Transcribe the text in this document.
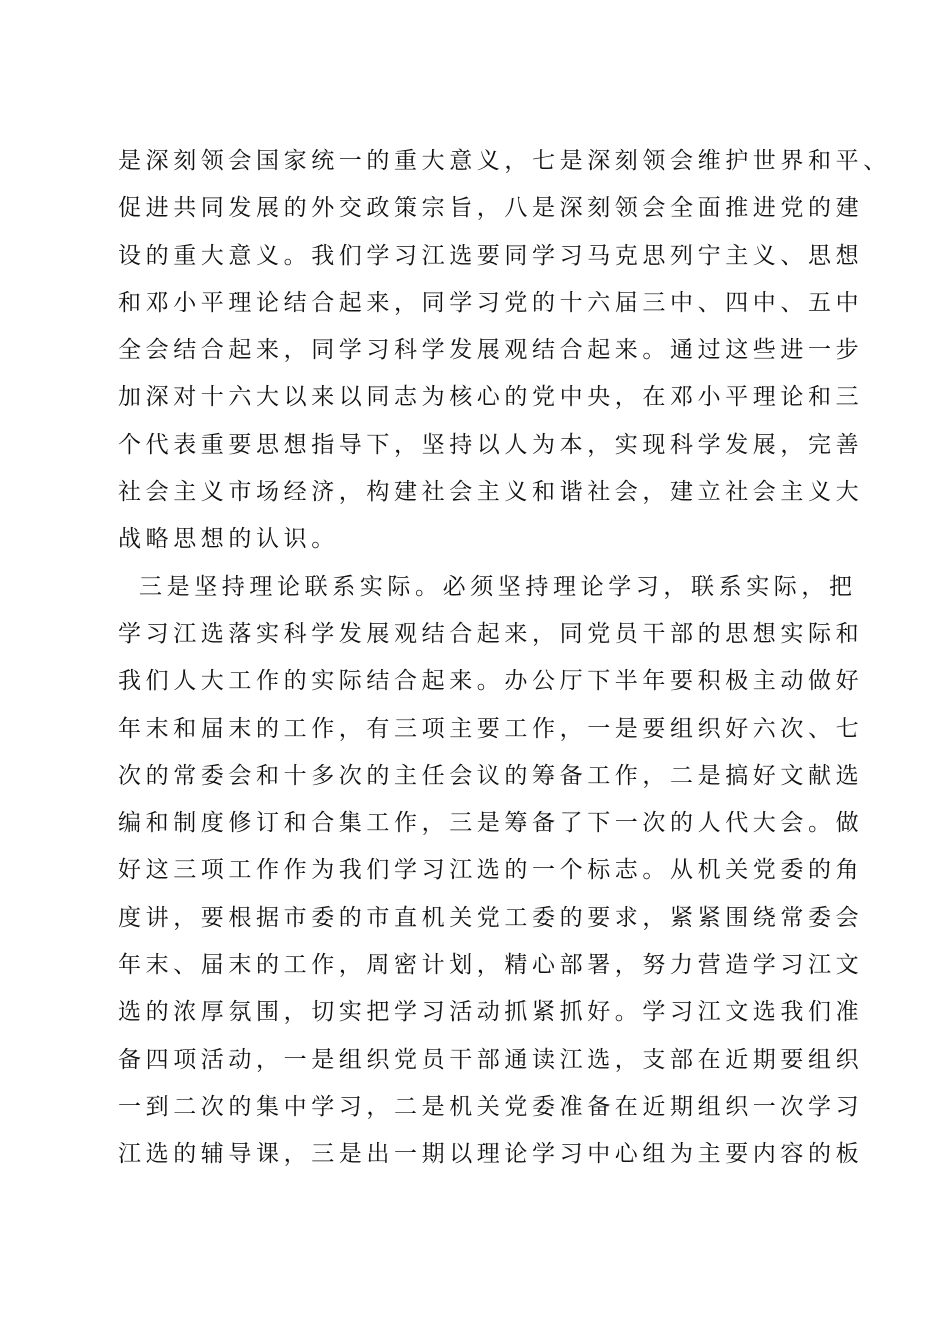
是深刻领会国家统一的重大意义，七是深刻领会维护世界和平、
促进共同发展的外交政策宗旨，八是深刻领会全面推进党的建
设的重大意义。我们学习江选要同学习马克思列宁主义、思想
和邓小平理论结合起来，同学习党的十六届三中、四中、五中
全会结合起来，同学习科学发展观结合起来。通过这些进一步
加深对十六大以来以同志为核心的党中央，在邓小平理论和三
个代表重要思想指导下，坚持以人为本，实现科学发展，完善
社会主义市场经济，构建社会主义和谐社会，建立社会主义大
战略思想的认识。
三是坚持理论联系实际。必须坚持理论学习，联系实际，把
学习江选落实科学发展观结合起来，同党员干部的思想实际和
我们人大工作的实际结合起来。办公厅下半年要积极主动做好
年末和届末的工作，有三项主要工作，一是要组织好六次、七
次的常委会和十多次的主任会议的筹备工作，二是搞好文献选
编和制度修订和合集工作，三是筹备了下一次的人代大会。做
好这三项工作作为我们学习江选的一个标志。从机关党委的角
度讲，要根据市委的市直机关党工委的要求，紧紧围绕常委会
年末、届末的工作，周密计划，精心部署，努力营造学习江文
选的浓厚氛围，切实把学习活动抓紧抓好。学习江文选我们准
备四项活动，一是组织党员干部通读江选，支部在近期要组织
一到二次的集中学习，二是机关党委准备在近期组织一次学习
江选的辅导课，三是出一期以理论学习中心组为主要内容的板
